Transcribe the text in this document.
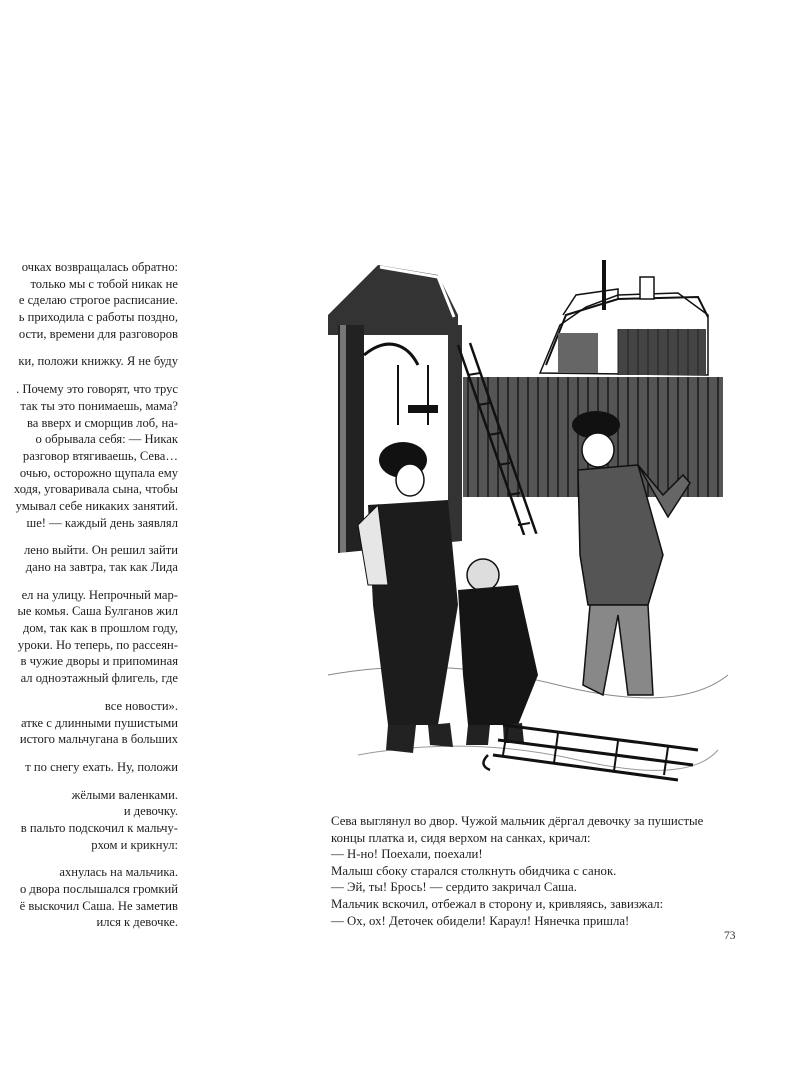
очках возвращалась обратно:
только мы с тобой никак не
е сделаю строгое расписание.
ь приходила с работы поздно,
ости, времени для разговоров
ки, положи книжку. Я не буду
. Почему это говорят, что трус
так ты это понимаешь, мама?
ва вверх и сморщив лоб, на-
о обрывала себя: — Никак
разговор втягиваешь, Сева…
очью, осторожно щупала ему
ходя, уговаривала сына, чтобы
умывал себе никаких занятий.
ше! — каждый день заявлял
лено выйти. Он решил зайти
дано на завтра, так как Лида
ел на улицу. Непрочный мар-
ые комья. Саша Булганов жил
дом, так как в прошлом году,
уроки. Но теперь, по рассеян-
в чужие дворы и припоминая
ал одноэтажный флигель, где
все новости».
атке с длинными пушистыми
истого мальчугана в больших
т по снегу ехать. Ну, положи
жёлыми валенками.
и девочку.
в пальто подскочил к мальчу-
рхом и крикнул:
ахнулась на мальчика.
о двора послышался громкий
ё выскочил Саша. Не заметив
ился к девочке.
Сева выглянул во двор. Чужой мальчик дёргал девочку за пушистые
концы платка и, сидя верхом на санках, кричал:
— Н-но! Поехали, поехали!
Малыш сбоку старался столкнуть обидчика с санок.
— Эй, ты! Брось! — сердито закричал Саша.
Мальчик вскочил, отбежал в сторону и, кривляясь, завизжал:
— Ох, ох! Деточек обидели! Караул! Нянечка пришла!
73
